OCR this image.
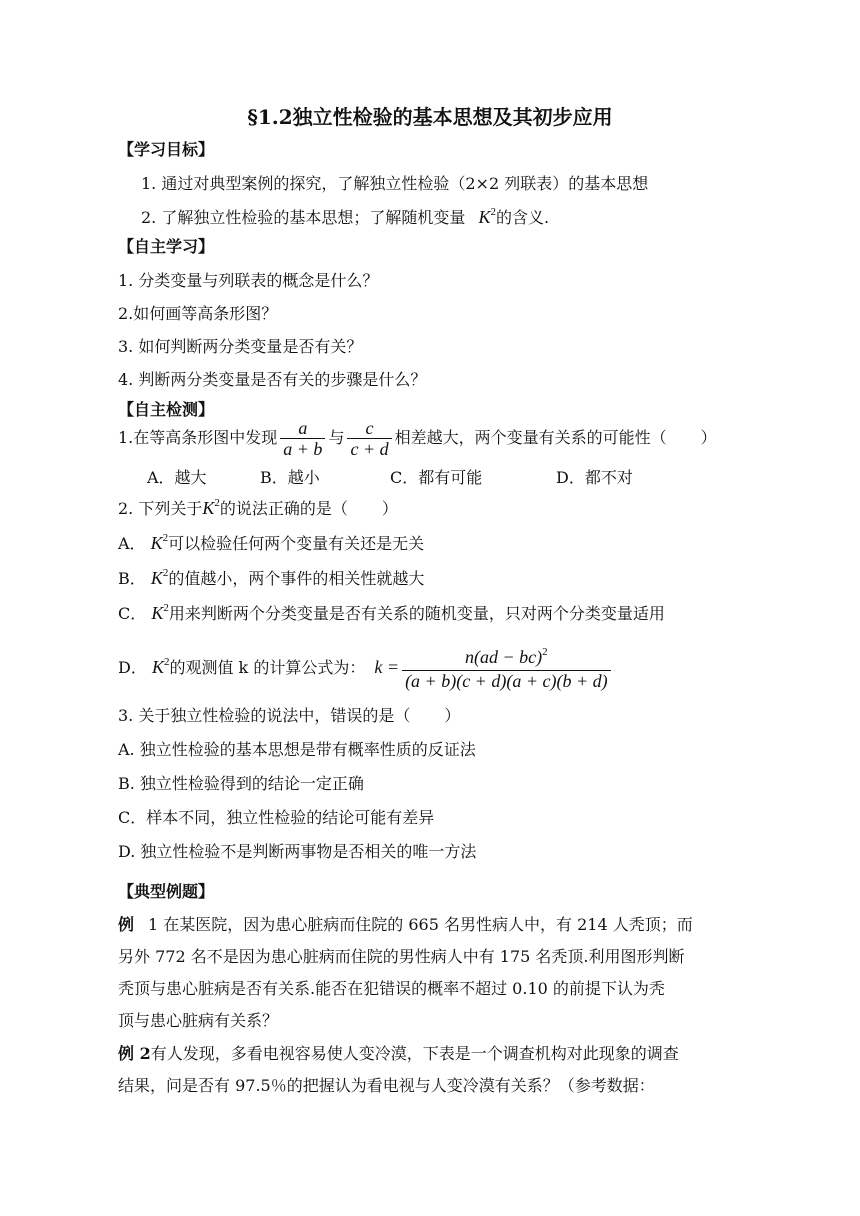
§1.2独立性检验的基本思想及其初步应用
【学习目标】
1. 通过对典型案例的探究，了解独立性检验（2×2 列联表）的基本思想
2. 了解独立性检验的基本思想；了解随机变量 $K^2$的含义.
【自主学习】
1. 分类变量与列联表的概念是什么？
2.如何画等高条形图？
3. 如何判断两分类变量是否有关？
4. 判断两分类变量是否有关的步骤是什么？
【自主检测】
1.在等高条形图中发现 $\frac{a}{a + b}$ 与 $\frac{c}{c + d}$ 相差越大，两个变量有关系的可能性（ ）
A．越大	B．越小	C．都有可能	D．都不对
2. 下列关于$K^2$的说法正确的是（ ）
A． $K^2$可以检验任何两个变量有关还是无关
B． $K^2$的值越小，两个事件的相关性就越大
C． $K^2$用来判断两个分类变量是否有关系的随机变量，只对两个分类变量适用
D． $K^2$的观测值 k 的计算公式为： $k = \frac{n(ad - bc)^2}{(a + b)(c + d)(a + c)(b + d)}$
3. 关于独立性检验的说法中，错误的是（ ）
A. 独立性检验的基本思想是带有概率性质的反证法
B. 独立性检验得到的结论一定正确
C．样本不同，独立性检验的结论可能有差异
D. 独立性检验不是判断两事物是否相关的唯一方法
【典型例题】
例 1 在某医院，因为患心脏病而住院的 665 名男性病人中，有 214 人秃顶；而
另外 772 名不是因为患心脏病而住院的男性病人中有 175 名秃顶.利用图形判断
秃顶与患心脏病是否有关系.能否在犯错误的概率不超过 0.10 的前提下认为秃
顶与患心脏病有关系？
例 2有人发现，多看电视容易使人变冷漠，下表是一个调查机构对此现象的调查
结果，问是否有 97.5％的把握认为看电视与人变冷漠有关系？（参考数据：
